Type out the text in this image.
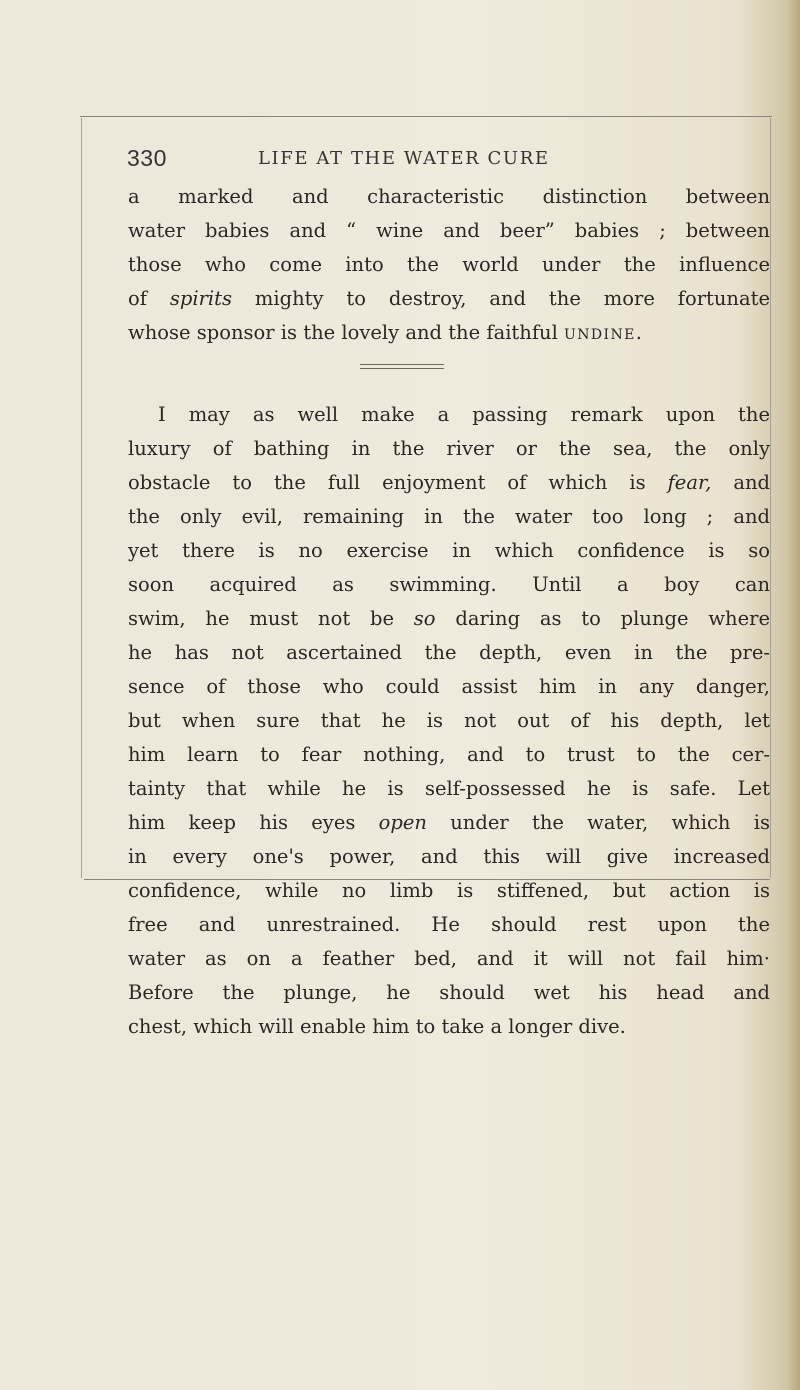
330	LIFE AT THE WATER CURE
a marked and characteristic distinction between
water babies and “ wine and beer” babies ; between
those who come into the world under the influence
of spirits mighty to destroy, and the more fortunate
whose sponsor is the lovely and the faithful undine.
I may as well make a passing remark upon the
luxury of bathing in the river or the sea, the only
obstacle to the full enjoyment of which is fear, and
the only evil, remaining in the water too long ; and
yet there is no exercise in which confidence is so
soon acquired as swimming. Until a boy can
swim, he must not be so daring as to plunge where
he has not ascertained the depth, even in the pre-
sence of those who could assist him in any danger,
but when sure that he is not out of his depth, let
him learn to fear nothing, and to trust to the cer-
tainty that while he is self-possessed he is safe. Let
him keep his eyes open under the water, which is
in every one's power, and this will give increased
confidence, while no limb is stiffened, but action is
free and unrestrained. He should rest upon the
water as on a feather bed, and it will not fail him·
Before the plunge, he should wet his head and
chest, which will enable him to take a longer dive.
